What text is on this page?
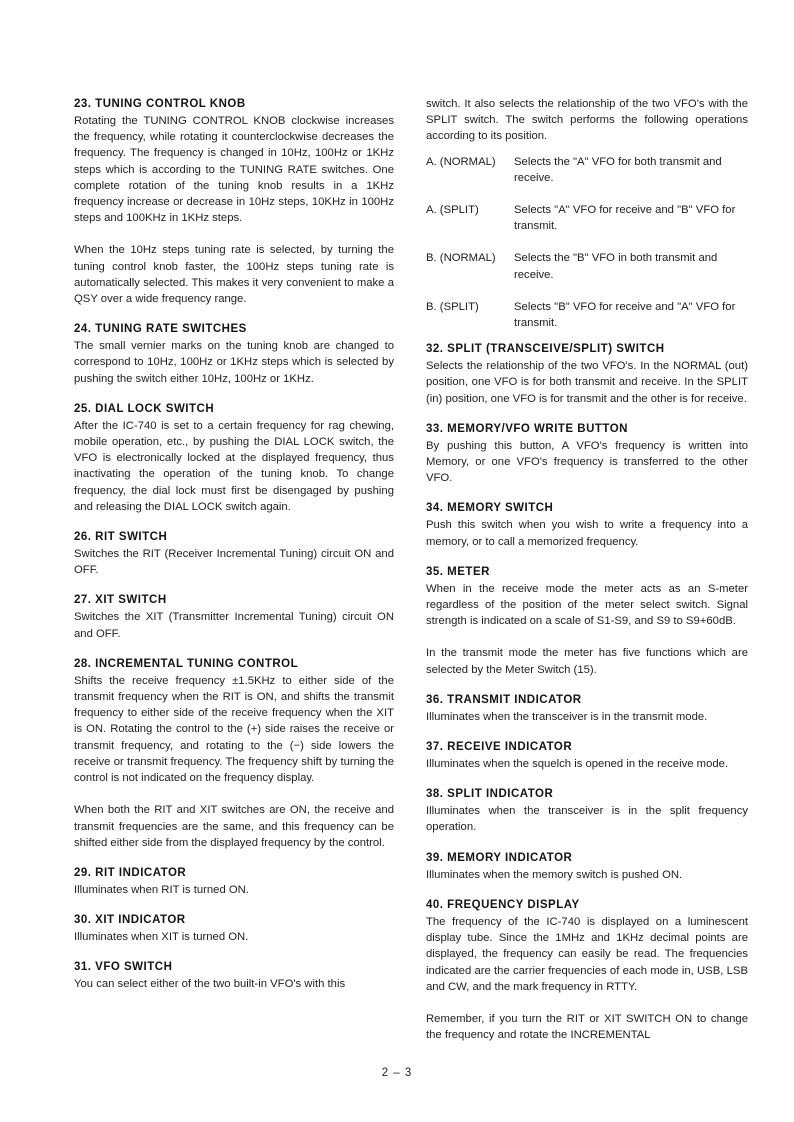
23. TUNING CONTROL KNOB

Rotating the TUNING CONTROL KNOB clockwise increases the frequency, while rotating it counterclockwise decreases the frequency. The frequency is changed in 10Hz, 100Hz or 1KHz steps which is according to the TUNING RATE switches. One complete rotation of the tuning knob results in a 1KHz frequency increase or decrease in 10Hz steps, 10KHz in 100Hz steps and 100KHz in 1KHz steps.

When the 10Hz steps tuning rate is selected, by turning the tuning control knob faster, the 100Hz steps tuning rate is automatically selected. This makes it very convenient to make a QSY over a wide frequency range.

24. TUNING RATE SWITCHES

The small vernier marks on the tuning knob are changed to correspond to 10Hz, 100Hz or 1KHz steps which is selected by pushing the switch either 10Hz, 100Hz or 1KHz.

25. DIAL LOCK SWITCH

After the IC-740 is set to a certain frequency for rag chewing, mobile operation, etc., by pushing the DIAL LOCK switch, the VFO is electronically locked at the displayed frequency, thus inactivating the operation of the tuning knob. To change frequency, the dial lock must first be disengaged by pushing and releasing the DIAL LOCK switch again.

26. RIT SWITCH

Switches the RIT (Receiver Incremental Tuning) circuit ON and OFF.

27. XIT SWITCH

Switches the XIT (Transmitter Incremental Tuning) circuit ON and OFF.

28. INCREMENTAL TUNING CONTROL

Shifts the receive frequency ±1.5KHz to either side of the transmit frequency when the RIT is ON, and shifts the transmit frequency to either side of the receive frequency when the XIT is ON. Rotating the control to the (+) side raises the receive or transmit frequency, and rotating to the (−) side lowers the receive or transmit frequency. The frequency shift by turning the control is not indicated on the frequency display.

When both the RIT and XIT switches are ON, the receive and transmit frequencies are the same, and this frequency can be shifted either side from the displayed frequency by the control.

29. RIT INDICATOR

Illuminates when RIT is turned ON.

30. XIT INDICATOR

Illuminates when XIT is turned ON.

31. VFO SWITCH

You can select either of the two built-in VFO's with this

switch. It also selects the relationship of the two VFO's with the SPLIT switch. The switch performs the following operations according to its position.

A. (NORMAL)	Selects the "A" VFO for both transmit and receive.
A. (SPLIT)	Selects "A" VFO for receive and "B" VFO for transmit.
B. (NORMAL)	Selects the "B" VFO in both transmit and receive.
B. (SPLIT)	Selects "B" VFO for receive and "A" VFO for transmit.
32. SPLIT (TRANSCEIVE/SPLIT) SWITCH

Selects the relationship of the two VFO's. In the NORMAL (out) position, one VFO is for both transmit and receive. In the SPLIT (in) position, one VFO is for transmit and the other is for receive.

33. MEMORY/VFO WRITE BUTTON

By pushing this button, A VFO's frequency is written into Memory, or one VFO's frequency is transferred to the other VFO.

34. MEMORY SWITCH

Push this switch when you wish to write a frequency into a memory, or to call a memorized frequency.

35. METER

When in the receive mode the meter acts as an S-meter regardless of the position of the meter select switch. Signal strength is indicated on a scale of S1-S9, and S9 to S9+60dB.

In the transmit mode the meter has five functions which are selected by the Meter Switch (15).

36. TRANSMIT INDICATOR

Illuminates when the transceiver is in the transmit mode.

37. RECEIVE INDICATOR

Illuminates when the squelch is opened in the receive mode.

38. SPLIT INDICATOR

Illuminates when the transceiver is in the split frequency operation.

39. MEMORY INDICATOR

Illuminates when the memory switch is pushed ON.

40. FREQUENCY DISPLAY

The frequency of the IC-740 is displayed on a luminescent display tube. Since the 1MHz and 1KHz decimal points are displayed, the frequency can easily be read. The frequencies indicated are the carrier frequencies of each mode in, USB, LSB and CW, and the mark frequency in RTTY.

Remember, if you turn the RIT or XIT SWITCH ON to change the frequency and rotate the INCREMENTAL

2 – 3
